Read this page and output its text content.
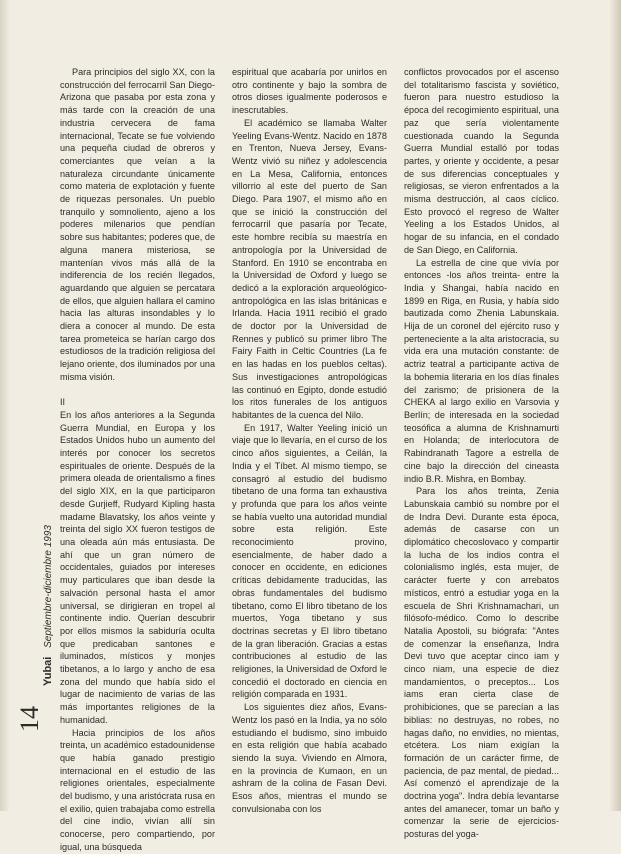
Para principios del siglo XX, con la construcción del ferrocarril San Diego-Arizona que pasaba por esta zona y más tarde con la creación de una industria cervecera de fama internacional, Tecate se fue volviendo una pequeña ciudad de obreros y comerciantes que veían a la naturaleza circundante únicamente como materia de explotación y fuente de riquezas personales. Un pueblo tranquilo y somnoliento, ajeno a los poderes milenarios que pendían sobre sus habitantes; poderes que, de alguna manera misteriosa, se mantenían vivos más allá de la indiferencia de los recién llegados, aguardando que alguien se percatara de ellos, que alguien hallara el camino hacia las alturas insondables y lo diera a conocer al mundo. De esta tarea prometeica se harían cargo dos estudiosos de la tradición religiosa del lejano oriente, dos iluminados por una misma visión.

II

En los años anteriores a la Segunda Guerra Mundial, en Europa y los Estados Unidos hubo un aumento del interés por conocer los secretos espirituales de oriente. Después de la primera oleada de orientalismo a fines del siglo XIX, en la que participaron desde Gurjieff, Rudyard Kipling hasta madame Blavatsky, los años veinte y treinta del siglo XX fueron testigos de una oleada aún más entusiasta. De ahí que un gran número de occidentales, guiados por intereses muy particulares que iban desde la salvación personal hasta el amor universal, se dirigieran en tropel al continente indio. Querían descubrir por ellos mismos la sabiduría oculta que predicaban santones e iluminados, místicos y monjes tibetanos, a lo largo y ancho de esa zona del mundo que había sido el lugar de nacimiento de varias de las más importantes religiones de la humanidad.

Hacia principios de los años treinta, un académico estadounidense que había ganado prestigio internacional en el estudio de las religiones orientales, especialmente del budismo, y una aristócrata rusa en el exilio, quien trabajaba como estrella del cine indio, vivían allí sin conocerse, pero compartiendo, por igual, una búsqueda

espiritual que acabaría por unirlos en otro continente y bajo la sombra de otros dioses igualmente poderosos e inescrutables.

El académico se llamaba Walter Yeeling Evans-Wentz. Nacido en 1878 en Trenton, Nueva Jersey, Evans-Wentz vivió su niñez y adolescencia en La Mesa, California, entonces villorrio al este del puerto de San Diego. Para 1907, el mismo año en que se inició la construcción del ferrocarril que pasaría por Tecate, este hombre recibía su maestría en antropología por la Universidad de Stanford. En 1910 se encontraba en la Universidad de Oxford y luego se dedicó a la exploración arqueológico-antropológica en las islas británicas e Irlanda. Hacia 1911 recibió el grado de doctor por la Universidad de Rennes y publicó su primer libro The Fairy Faith in Celtic Countries (La fe en las hadas en los pueblos celtas). Sus investigaciones antropológicas las continuó en Egipto, donde estudió los ritos funerales de los antiguos habitantes de la cuenca del Nilo.

En 1917, Walter Yeeling inició un viaje que lo llevaría, en el curso de los cinco años siguientes, a Ceilán, la India y el Tíbet. Al mismo tiempo, se consagró al estudio del budismo tibetano de una forma tan exhaustiva y profunda que para los años veinte se había vuelto una autoridad mundial sobre esta religión. Este reconocimiento provino, esencialmente, de haber dado a conocer en occidente, en ediciones críticas debidamente traducidas, las obras fundamentales del budismo tibetano, como El libro tibetano de los muertos, Yoga tibetano y sus doctrinas secretas y El libro tibetano de la gran liberación. Gracias a estas contribuciones al estudio de las religiones, la Universidad de Oxford le concedió el doctorado en ciencia en religión comparada en 1931.

Los siguientes diez años, Evans-Wentz los pasó en la India, ya no sólo estudiando el budismo, sino imbuido en esta religión que había acabado siendo la suya. Viviendo en Almora, en la provincia de Kumaon, en un ashram de la colina de Fasan Devi. Esos años, mientras el mundo se convulsionaba con los

conflictos provocados por el ascenso del totalitarismo fascista y soviético, fueron para nuestro estudioso la época del recogimiento espiritual, una paz que sería violentamente cuestionada cuando la Segunda Guerra Mundial estalló por todas partes, y oriente y occidente, a pesar de sus diferencias conceptuales y religiosas, se vieron enfrentados a la misma destrucción, al caos cíclico. Esto provocó el regreso de Walter Yeeling a los Estados Unidos, al hogar de su infancia, en el condado de San Diego, en California.

La estrella de cine que vivía por entonces -los años treinta- entre la India y Shangai, había nacido en 1899 en Riga, en Rusia, y había sido bautizada como Zhenia Labunskaia. Hija de un coronel del ejército ruso y perteneciente a la alta aristocracia, su vida era una mutación constante: de actriz teatral a participante activa de la bohemia literaria en los días finales del zarismo; de prisionera de la CHEKA al largo exilio en Varsovia y Berlín; de interesada en la sociedad teosófica a alumna de Krishnamurti en Holanda; de interlocutora de Rabindranath Tagore a estrella de cine bajo la dirección del cineasta indio B.R. Mishra, en Bombay.

Para los años treinta, Zenia Labunskaia cambió su nombre por el de Indra Devi. Durante esta época, además de casarse con un diplomático checoslovaco y compartir la lucha de los indios contra el colonialismo inglés, esta mujer, de carácter fuerte y con arrebatos místicos, entró a estudiar yoga en la escuela de Shri Krishnamachari, un filósofo-médico. Como lo describe Natalia Apostoli, su biógrafa: "Antes de comenzar la enseñanza, Indra Devi tuvo que aceptar cinco iam y cinco niam, una especie de diez mandamientos, o preceptos... Los iams eran cierta clase de prohibiciones, que se parecían a las biblias: no destruyas, no robes, no hagas daño, no envidies, no mientas, etcétera. Los niam exigían la formación de un carácter firme, de paciencia, de paz mental, de piedad... Así comenzó el aprendizaje de la doctrina yoga". Indra debía levantarse antes del amanecer, tomar un baño y comenzar la serie de ejercicios-posturas del yoga-

Yubai Septiembre-diciembre 1993
14
